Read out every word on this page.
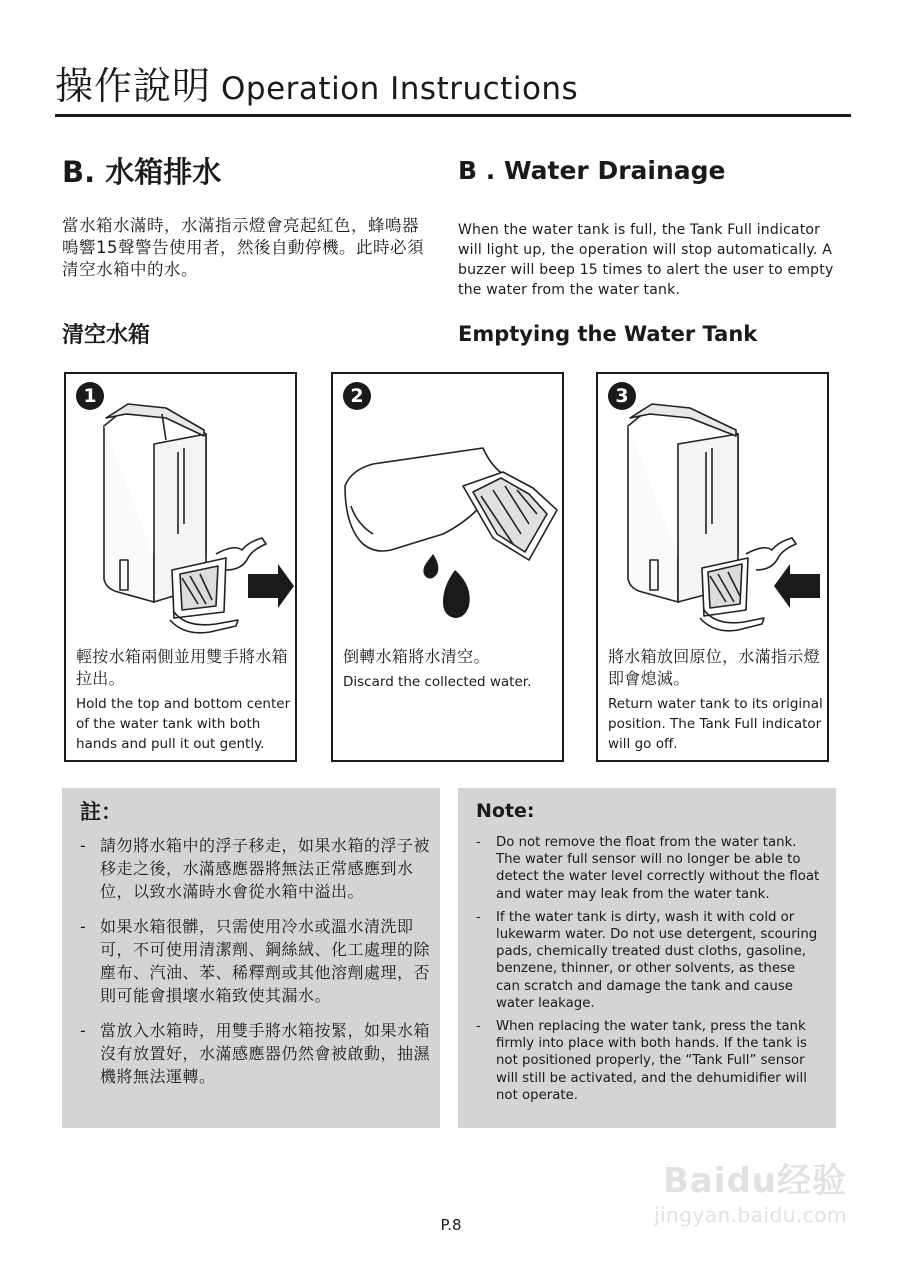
操作說明 Operation Instructions
B. 水箱排水	B . Water Drainage
當水箱水滿時，水滿指示燈會亮起紅色，蜂鳴器鳴響15聲警告使用者，然後自動停機。此時必須清空水箱中的水。
When the water tank is full, the Tank Full indicator will light up, the operation will stop automatically. A buzzer will beep 15 times to alert the user to empty the water from the water tank.
清空水箱	Emptying the Water Tank
1
輕按水箱兩側並用雙手將水箱拉出。
Hold the top and bottom center of the water tank with both hands and pull it out gently.
2
倒轉水箱將水清空。
Discard the collected water.
3
將水箱放回原位，水滿指示燈即會熄滅。
Return water tank to its original position. The Tank Full indicator will go off.
註：
- 請勿將水箱中的浮子移走，如果水箱的浮子被移走之後，水滿感應器將無法正常感應到水位，以致水滿時水會從水箱中溢出。
- 如果水箱很髒，只需使用冷水或溫水清洗即可，不可使用清潔劑、鋼絲絨、化工處理的除塵布、汽油、苯、稀釋劑或其他溶劑處理，否則可能會損壞水箱致使其漏水。
- 當放入水箱時，用雙手將水箱按緊，如果水箱沒有放置好，水滿感應器仍然會被啟動，抽濕機將無法運轉。
Note:
- Do not remove the float from the water tank. The water full sensor will no longer be able to detect the water level correctly without the float and water may leak from the water tank.
- If the water tank is dirty, wash it with cold or lukewarm water. Do not use detergent, scouring pads, chemically treated dust cloths, gasoline, benzene, thinner, or other solvents, as these can scratch and damage the tank and cause water leakage.
- When replacing the water tank, press the tank firmly into place with both hands. If the tank is not positioned properly, the “Tank Full” sensor will still be activated, and the dehumidifier will not operate.
P.8
Baidu经验
jingyan.baidu.com
